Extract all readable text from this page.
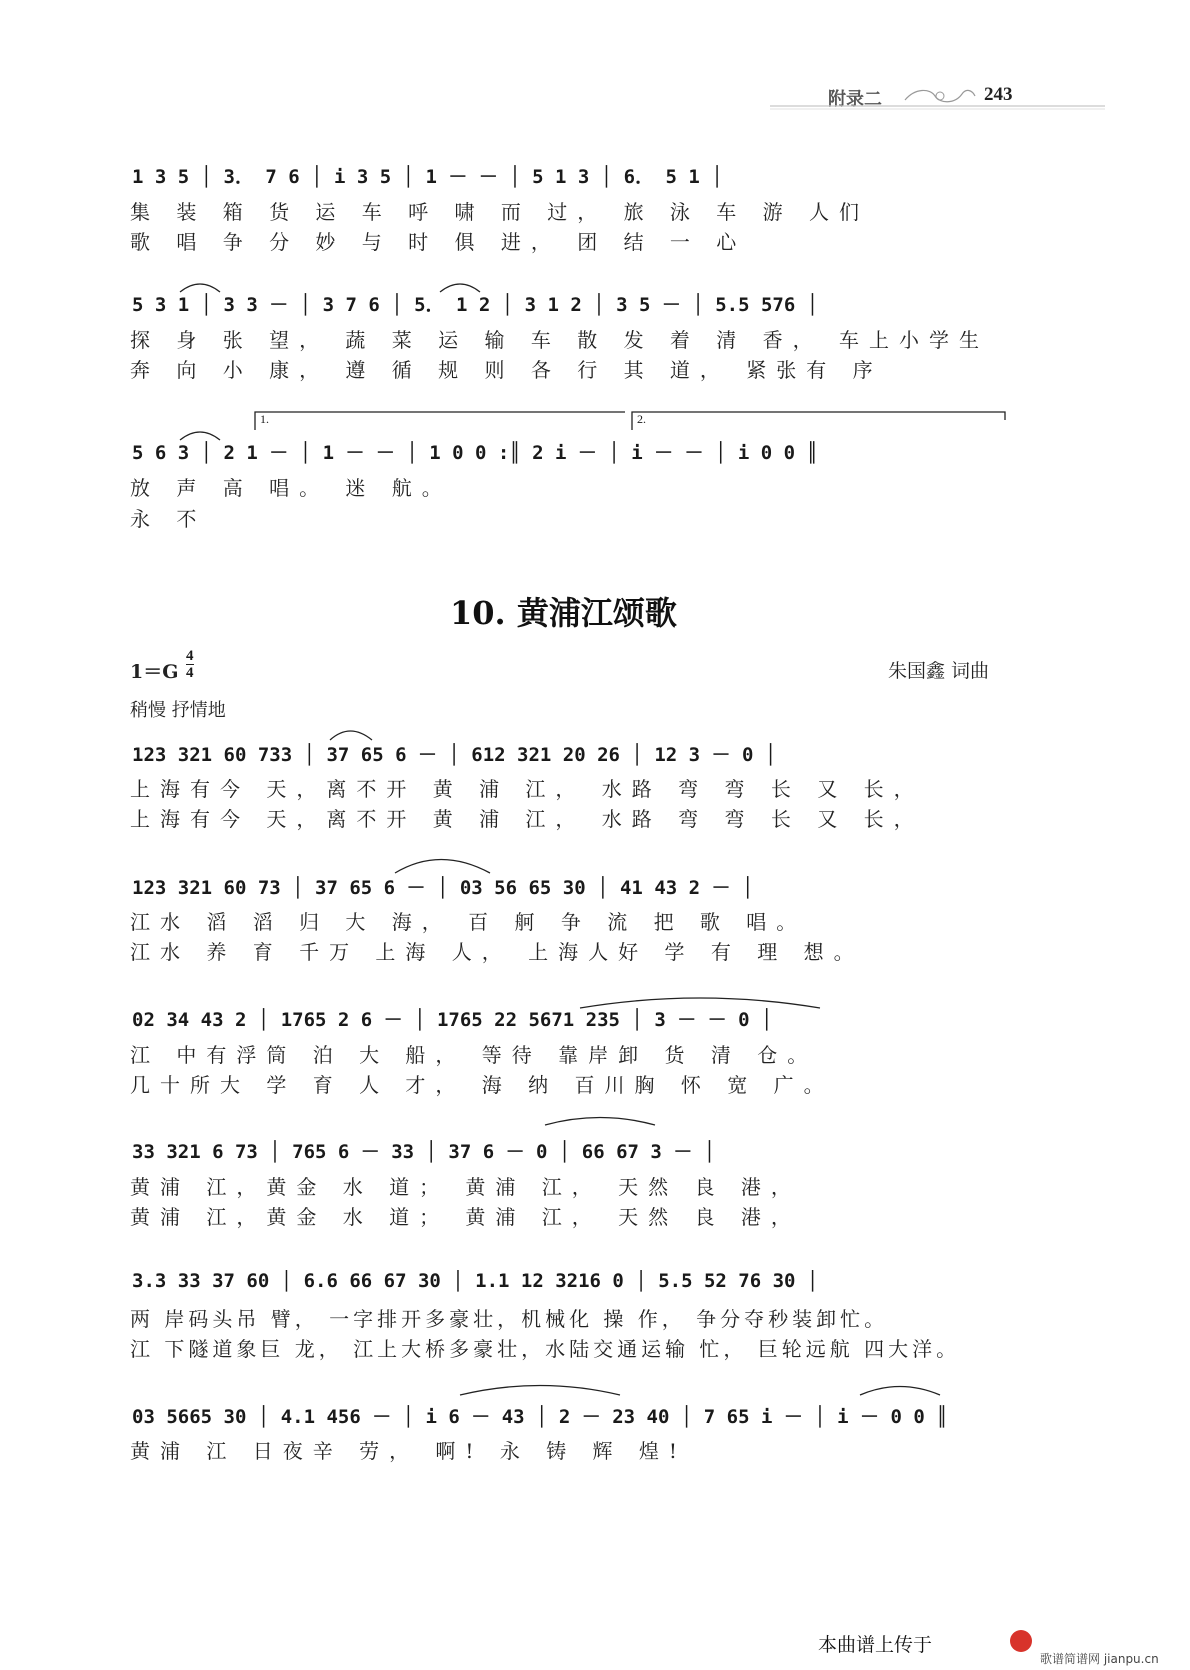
附录二	243
1 3 5 │ 3． 7 6 │ i 3 5 │ 1 － － │ 5 1 3 │ 6． 5 1 │
集 装 箱 货 运 车 呼 啸 而 过， 旅 泳 车 游 人们
歌 唱 争 分 妙 与 时 俱 进， 团 结 一 心
5 3 1 │ 3 3 － │ 3 7 6 │ 5． 1 2 │ 3 1 2 │ 3 5 － │ 5.5 576 │
探 身 张 望， 蔬 菜 运 输 车 散 发 着 清 香， 车上小学生
奔 向 小 康， 遵 循 规 则 各 行 其 道， 紧张有 序
1.	2.
5 6 3 │ 2 1 － │ 1 － － │ 1 0 0 :║ 2 i － │ i － － │ i 0 0 ║
放 声 高 唱。 迷 航。
永 不
10. 黄浦江颂歌
1＝G
4
4	朱国鑫 词曲
稍慢 抒情地
123 321 60 733 │ 37 65 6 － │ 612 321 20 26 │ 12 3 － 0 │
上海有今 天，离不开 黄 浦 江， 水路 弯 弯 长 又 长，
上海有今 天，离不开 黄 浦 江， 水路 弯 弯 长 又 长，
123 321 60 73 │ 37 65 6 － │ 03 56 65 30 │ 41 43 2 － │
江水 滔 滔 归 大 海， 百 舸 争 流 把 歌 唱。
江水 养 育 千万 上海 人， 上海人好 学 有 理 想。
02 34 43 2 │ 1765 2 6 － │ 1765 22 5671 235 │ 3 － － 0 │
江 中有浮筒 泊 大 船， 等待 靠岸卸 货 清 仓。
几十所大 学 育 人 才， 海 纳 百川胸 怀 宽 广。
33 321 6 73 │ 765 6 － 33 │ 37 6 － 0 │ 66 67 3 － │
黄浦 江，黄金 水 道； 黄浦 江， 天然 良 港，
黄浦 江，黄金 水 道； 黄浦 江， 天然 良 港，
3.3 33 37 60 │ 6.6 66 67 30 │ 1.1 12 3216 0 │ 5.5 52 76 30 │
两 岸码头吊 臂， 一字排开多豪壮，机械化 操 作， 争分夺秒装卸忙。
江 下隧道象巨 龙， 江上大桥多豪壮，水陆交通运输 忙， 巨轮远航 四大洋。
03 5665 30 │ 4.1 456 － │ i 6 － 43 │ 2 － 23 40 │ 7 65 i － │ i － 0 0 ║
黄浦 江 日夜辛 劳， 啊! 永 铸 辉 煌!
本曲谱上传于
歌谱简谱网 jianpu.cn
